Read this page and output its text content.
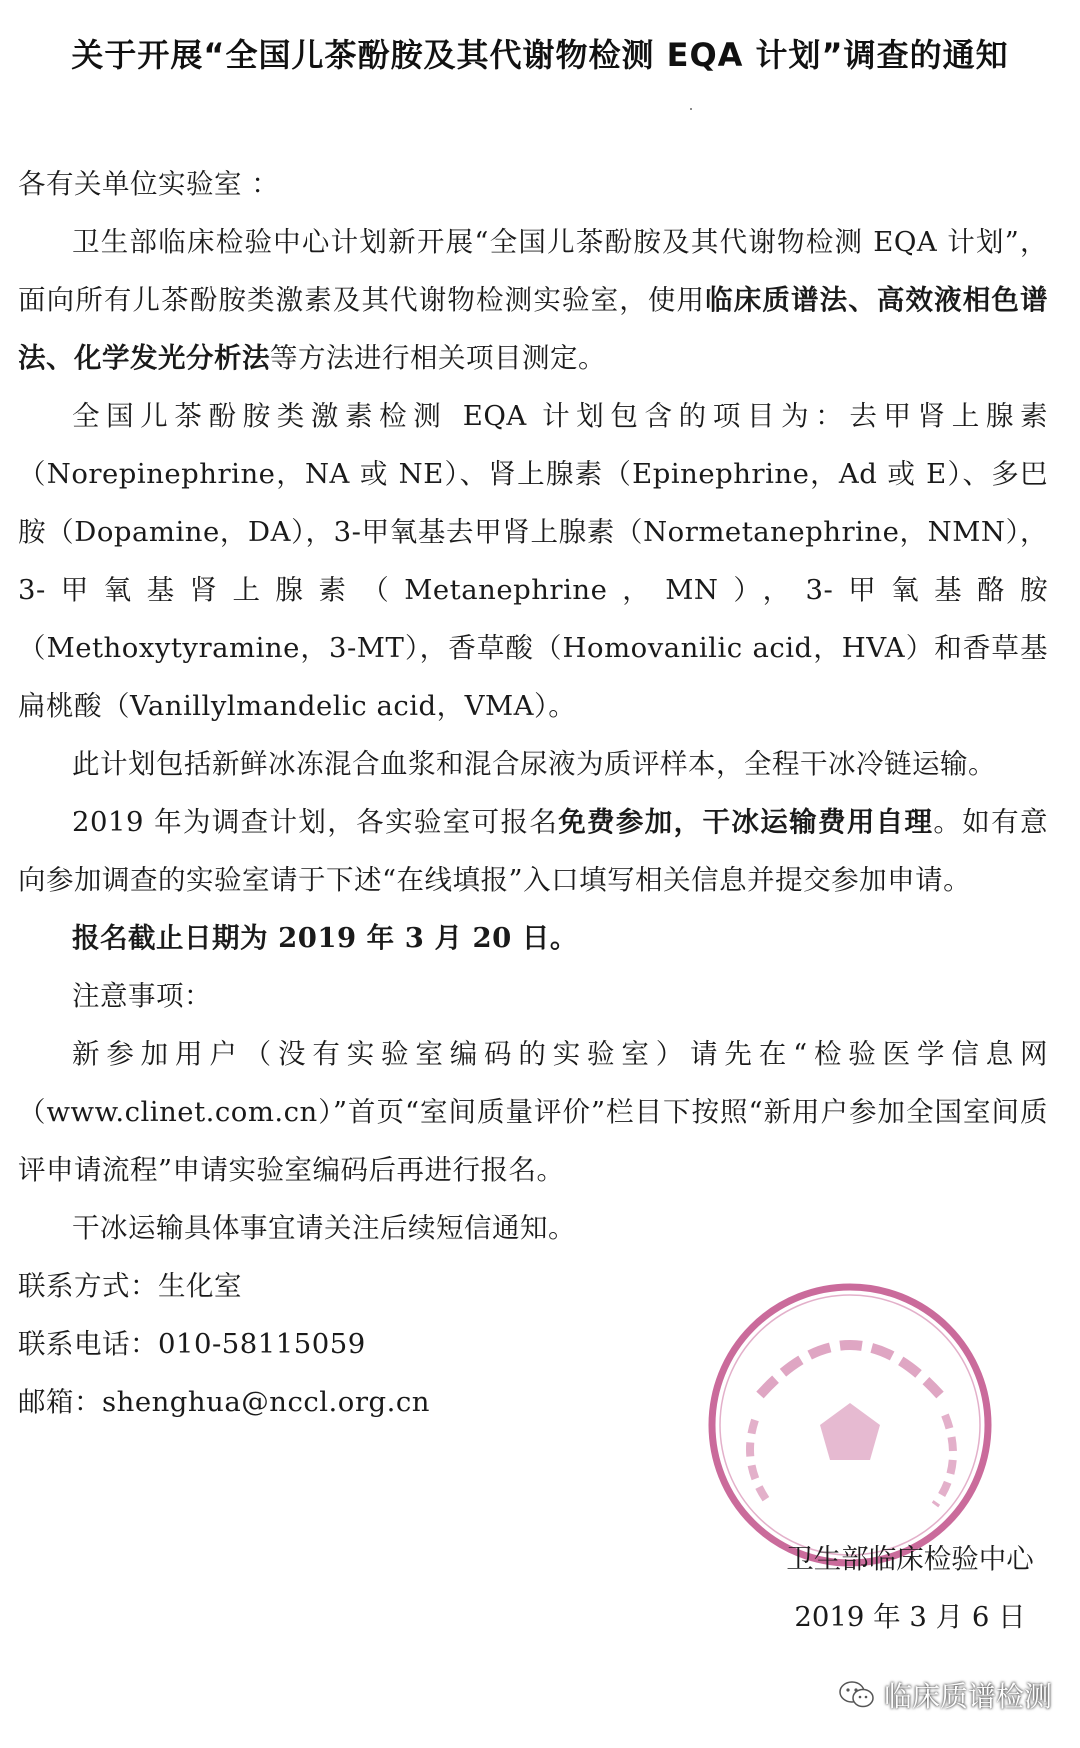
关于开展“全国儿茶酚胺及其代谢物检测 EQA 计划”调查的通知

各有关单位实验室 ：

卫生部临床检验中心计划新开展“全国儿茶酚胺及其代谢物检测 EQA 计划”，面向所有儿茶酚胺类激素及其代谢物检测实验室，使用临床质谱法、高效液相色谱法、化学发光分析法等方法进行相关项目测定。

全国儿茶酚胺类激素检测 EQA 计划包含的项目为：去甲肾上腺素（Norepinephrine，NA 或 NE）、肾上腺素（Epinephrine，Ad 或 E）、多巴胺（Dopamine，DA），3-甲氧基去甲肾上腺素（Normetanephrine，NMN），3-甲氧基肾上腺素（Metanephrine，MN），3-甲氧基酪胺（Methoxytyramine，3-MT），香草酸（Homovanilic acid，HVA）和香草基扁桃酸（Vanillylmandelic acid，VMA）。

此计划包括新鲜冰冻混合血浆和混合尿液为质评样本，全程干冰冷链运输。

2019 年为调查计划，各实验室可报名免费参加，干冰运输费用自理。如有意向参加调查的实验室请于下述“在线填报”入口填写相关信息并提交参加申请。

报名截止日期为 2019 年 3 月 20 日。

注意事项：

新参加用户（没有实验室编码的实验室）请先在“检验医学信息网（www.clinet.com.cn）”首页“室间质量评价”栏目下按照“新用户参加全国室间质评申请流程”申请实验室编码后再进行报名。

干冰运输具体事宜请关注后续短信通知。

联系方式：生化室

联系电话：010-58115059

邮箱：shenghua@nccl.org.cn

卫生部临床检验中心
2019 年 3 月 6 日
临床质谱检测
